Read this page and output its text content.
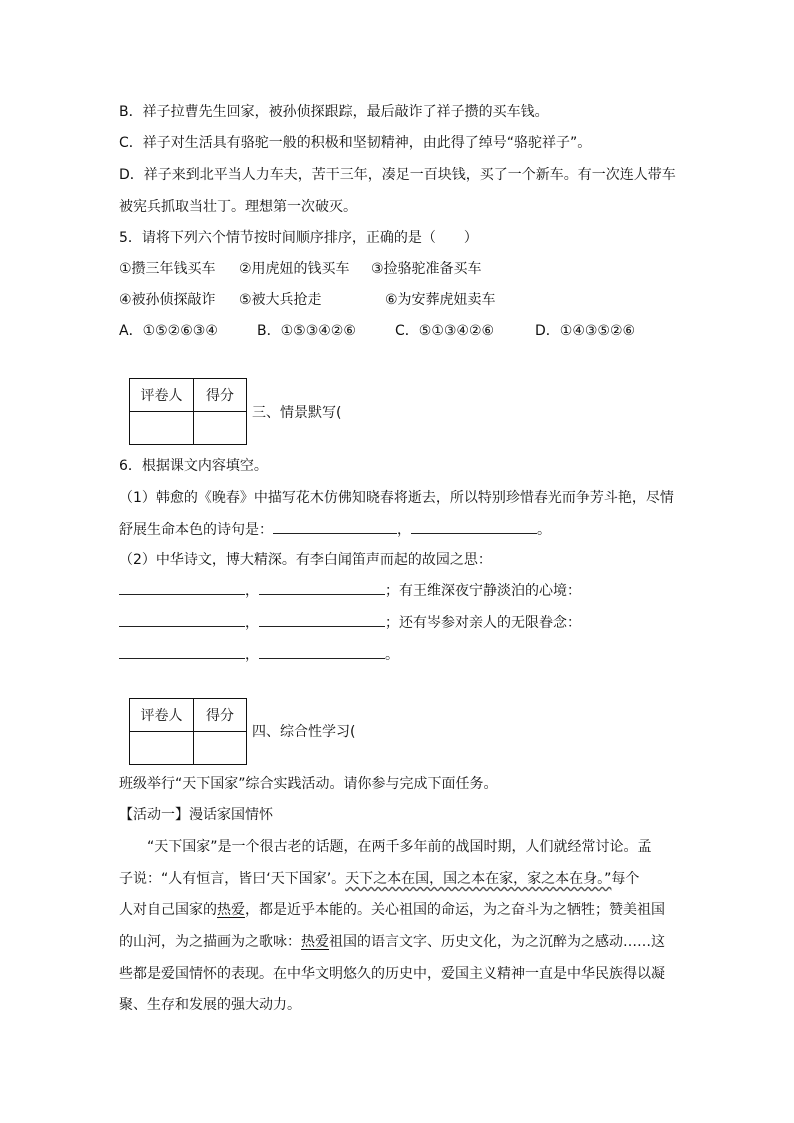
B．祥子拉曹先生回家，被孙侦探跟踪，最后敲诈了祥子攒的买车钱。
C．祥子对生活具有骆驼一般的积极和坚韧精神，由此得了绰号“骆驼祥子”。
D．祥子来到北平当人力车夫，苦干三年，凑足一百块钱，买了一个新车。有一次连人带车
被宪兵抓取当壮丁。理想第一次破灭。
5．请将下列六个情节按时间顺序排序，正确的是（　　）
①攒三年钱买车 ②用虎妞的钱买车 ③捡骆驼准备买车
④被孙侦探敲诈 ⑤被大兵抢走	⑥为安葬虎妞卖车
A．①⑤②⑥③④	B．①⑤③④②⑥	C．⑤①③④②⑥	D．①④③⑤②⑥
评卷人	得分

三、情景默写(
6．根据课文内容填空。
（1）韩愈的《晚春》中描写花木仿佛知晓春将逝去，所以特别珍惜春光而争芳斗艳，尽情
舒展生命本色的诗句是：	，	。
（2）中华诗文，博大精深。有李白闻笛声而起的故园之思：
，	；有王维深夜宁静淡泊的心境：
，	；还有岑参对亲人的无限眷念：
，	。
评卷人	得分

四、综合性学习(
班级举行“天下国家”综合实践活动。请你参与完成下面任务。
【活动一】漫话家国情怀
“天下国家”是一个很古老的话题，在两千多年前的战国时期，人们就经常讨论。孟
子说：“人有恒言，皆曰‘天下国家’。天下之本在国，国之本在家，家之本在身。”每个
人对自己国家的热爱，都是近乎本能的。关心祖国的命运，为之奋斗为之牺牲；赞美祖国
的山河，为之描画为之歌咏：热爱祖国的语言文字、历史文化，为之沉醉为之感动……这
些都是爱国情怀的表现。在中华文明悠久的历史中，爱国主义精神一直是中华民族得以凝
聚、生存和发展的强大动力。
